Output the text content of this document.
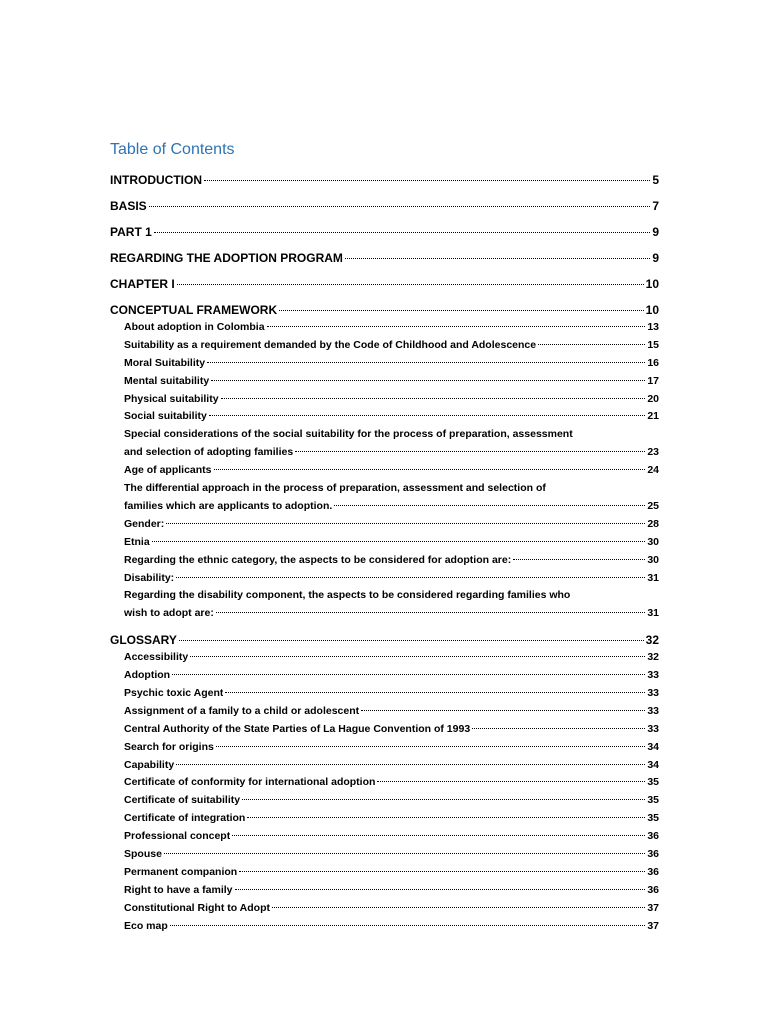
Table of Contents
INTRODUCTION	5
BASIS	7
PART 1	9
REGARDING THE ADOPTION PROGRAM	9
CHAPTER I	10
CONCEPTUAL FRAMEWORK	10
About adoption in Colombia	13
Suitability as a requirement demanded by the Code of Childhood and Adolescence	15
Moral Suitability	16
Mental suitability	17
Physical suitability	20
Social suitability	21
Special considerations of the social suitability for the process of preparation, assessment
and selection of adopting families	23
Age of applicants	24
The differential approach in the process of preparation, assessment and selection of
families which are applicants to adoption.	25
Gender:	28
Etnia	30
Regarding the ethnic category, the aspects to be considered for adoption are:	30
Disability:	31
Regarding the disability component, the aspects to be considered regarding families who
wish to adopt are:	31
GLOSSARY	32
Accessibility	32
Adoption	33
Psychic toxic Agent	33
Assignment of a family to a child or adolescent	33
Central Authority of the State Parties of La Hague Convention of 1993	33
Search for origins	34
Capability	34
Certificate of conformity for international adoption	35
Certificate of suitability	35
Certificate of integration	35
Professional concept	36
Spouse	36
Permanent companion	36
Right to have a family	36
Constitutional Right to Adopt	37
Eco map	37
